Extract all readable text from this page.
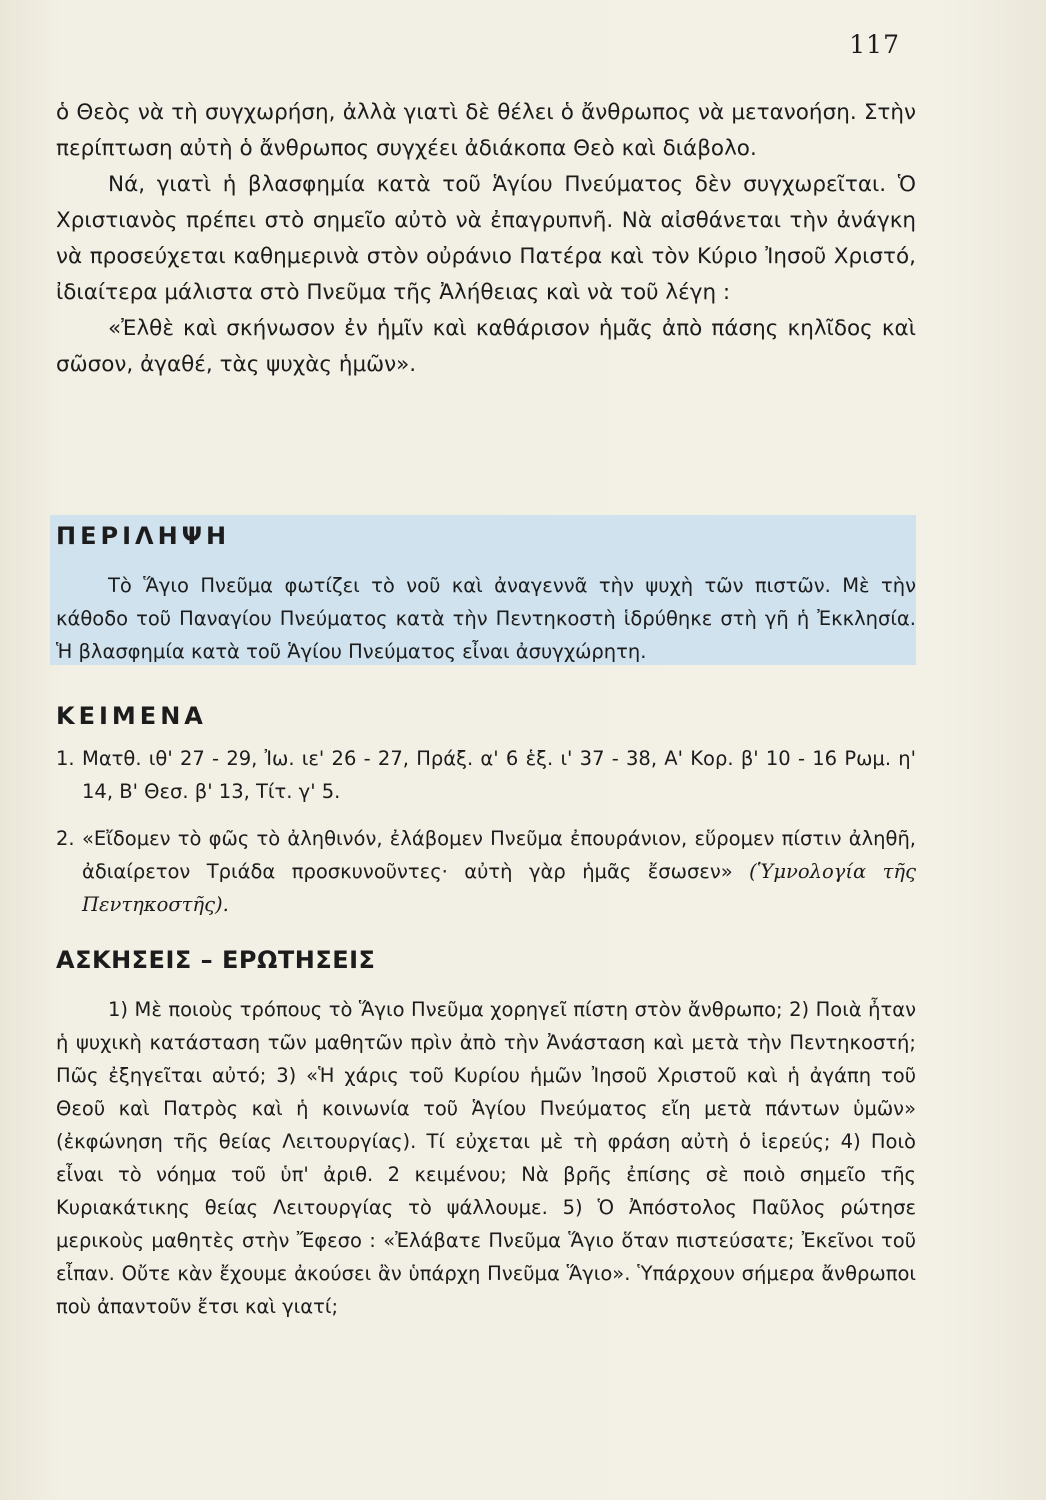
117

ὁ Θεὸς νὰ τὴ συγχωρήση, ἀλλὰ γιατὶ δὲ θέλει ὁ ἄνθρωπος νὰ μετανοήση. Στὴν περίπτωση αὐτὴ ὁ ἄνθρωπος συγχέει ἀδιάκοπα Θεὸ καὶ διάβολο.

Νά, γιατὶ ἡ βλασφημία κατὰ τοῦ Ἁγίου Πνεύματος δὲν συγχωρεῖται. Ὁ Χριστιανὸς πρέπει στὸ σημεῖο αὐτὸ νὰ ἐπαγρυπνῆ. Νὰ αἰσθάνεται τὴν ἀνάγκη νὰ προσεύχεται καθημερινὰ στὸν οὐράνιο Πατέρα καὶ τὸν Κύριο Ἰησοῦ Χριστό, ἰδιαίτερα μάλιστα στὸ Πνεῦμα τῆς Ἀλήθειας καὶ νὰ τοῦ λέγη :

«Ἐλθὲ καὶ σκήνωσον ἐν ἡμῖν καὶ καθάρισον ἡμᾶς ἀπὸ πάσης κηλῖδος καὶ σῶσον, ἀγαθέ, τὰς ψυχὰς ἡμῶν».

ΠΕΡΙΛΗΨΗ

Τὸ Ἅγιο Πνεῦμα φωτίζει τὸ νοῦ καὶ ἀναγεννᾶ τὴν ψυχὴ τῶν πιστῶν. Μὲ τὴν κάθοδο τοῦ Παναγίου Πνεύματος κατὰ τὴν Πεντηκοστὴ ἱδρύθηκε στὴ γῆ ἡ Ἐκκλησία. Ἡ βλασφημία κατὰ τοῦ Ἁγίου Πνεύματος εἶναι ἀσυγχώρητη.

ΚΕΙΜΕΝΑ
1. Ματθ. ιθ' 27 - 29, Ἰω. ιε' 26 - 27, Πράξ. α' 6 ἑξ. ι' 37 - 38, Α' Κορ. β' 10 - 16 Ρωμ. η' 14, Β' Θεσ. β' 13, Τίτ. γ' 5.
2. «Εἴδομεν τὸ φῶς τὸ ἀληθινόν, ἐλάβομεν Πνεῦμα ἐπουράνιον, εὕρομεν πίστιν ἀληθῆ, ἀδιαίρετον Τριάδα προσκυνοῦντες· αὐτὴ γὰρ ἡμᾶς ἔσωσεν» (Ὑμνολογία τῆς Πεντηκοστῆς).
ΑΣΚΗΣΕΙΣ – ΕΡΩΤΗΣΕΙΣ

1) Μὲ ποιοὺς τρόπους τὸ Ἅγιο Πνεῦμα χορηγεῖ πίστη στὸν ἄνθρωπο; 2) Ποιὰ ἦταν ἡ ψυχικὴ κατάσταση τῶν μαθητῶν πρὶν ἀπὸ τὴν Ἀνάσταση καὶ μετὰ τὴν Πεντηκοστή; Πῶς ἐξηγεῖται αὐτό; 3) «Ἡ χάρις τοῦ Κυρίου ἡμῶν Ἰησοῦ Χριστοῦ καὶ ἡ ἀγάπη τοῦ Θεοῦ καὶ Πατρὸς καὶ ἡ κοινωνία τοῦ Ἁγίου Πνεύματος εἴη μετὰ πάντων ὑμῶν» (ἐκφώνηση τῆς θείας Λειτουργίας). Τί εὐχεται μὲ τὴ φράση αὐτὴ ὁ ἱερεύς; 4) Ποιὸ εἶναι τὸ νόημα τοῦ ὑπ' ἀριθ. 2 κειμένου; Νὰ βρῆς ἐπίσης σὲ ποιὸ σημεῖο τῆς Κυριακάτικης θείας Λειτουργίας τὸ ψάλλουμε. 5) Ὁ Ἀπόστολος Παῦλος ρώτησε μερικοὺς μαθητὲς στὴν Ἔφεσο : «Ἐλάβατε Πνεῦμα Ἅγιο ὅταν πιστεύσατε; Ἐκεῖνοι τοῦ εἶπαν. Οὔτε κὰν ἔχουμε ἀκούσει ἂν ὑπάρχη Πνεῦμα Ἅγιο». Ὑπάρχουν σήμερα ἄνθρωποι ποὺ ἀπαντοῦν ἔτσι καὶ γιατί;
